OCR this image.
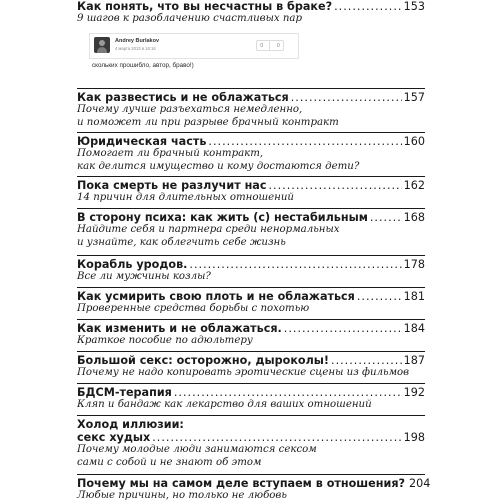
Как понять, что вы несчастны в браке? .....	153
9 шагов к разоблачению счастливых пар
Как развестись и не облажаться .....	157
Почему лучше разъехаться немедленно,
и поможет ли при разрыве брачный контракт
Юридическая часть .....	160
Помогает ли брачный контракт,
как делится имущество и кому достаются дети?
Пока смерть не разлучит нас .....	162
14 причин для длительных отношений
В сторону психа: как жить (с) нестабильным .....	168
Найдите себя и партнера среди ненормальных
и узнайте, как облегчить себе жизнь
Корабль уродов. .....	178
Все ли мужчины козлы?
Как усмирить свою плоть и не облажаться .....	181
Проверенные средства борьбы с похотью
Как изменить и не облажаться. .....	184
Краткое пособие по адюльтеру
Большой секс: осторожно, дыроколы! .....	187
Почему не надо копировать эротические сцены из фильмов
БДСМ-терапия .....	192
Кляп и бандаж как лекарство для ваших отношений
Холод иллюзии:
секс худых .....	198
Почему молодые люди занимаются сексом
сами с собой и не знают об этом
Почему мы на самом деле вступаем в отношения? 204
Любые причины, но только не любовь
Andrey Burlakov
4 марта 2013 в 18:16	0	0
скольких прошибло, автор, браво!)
